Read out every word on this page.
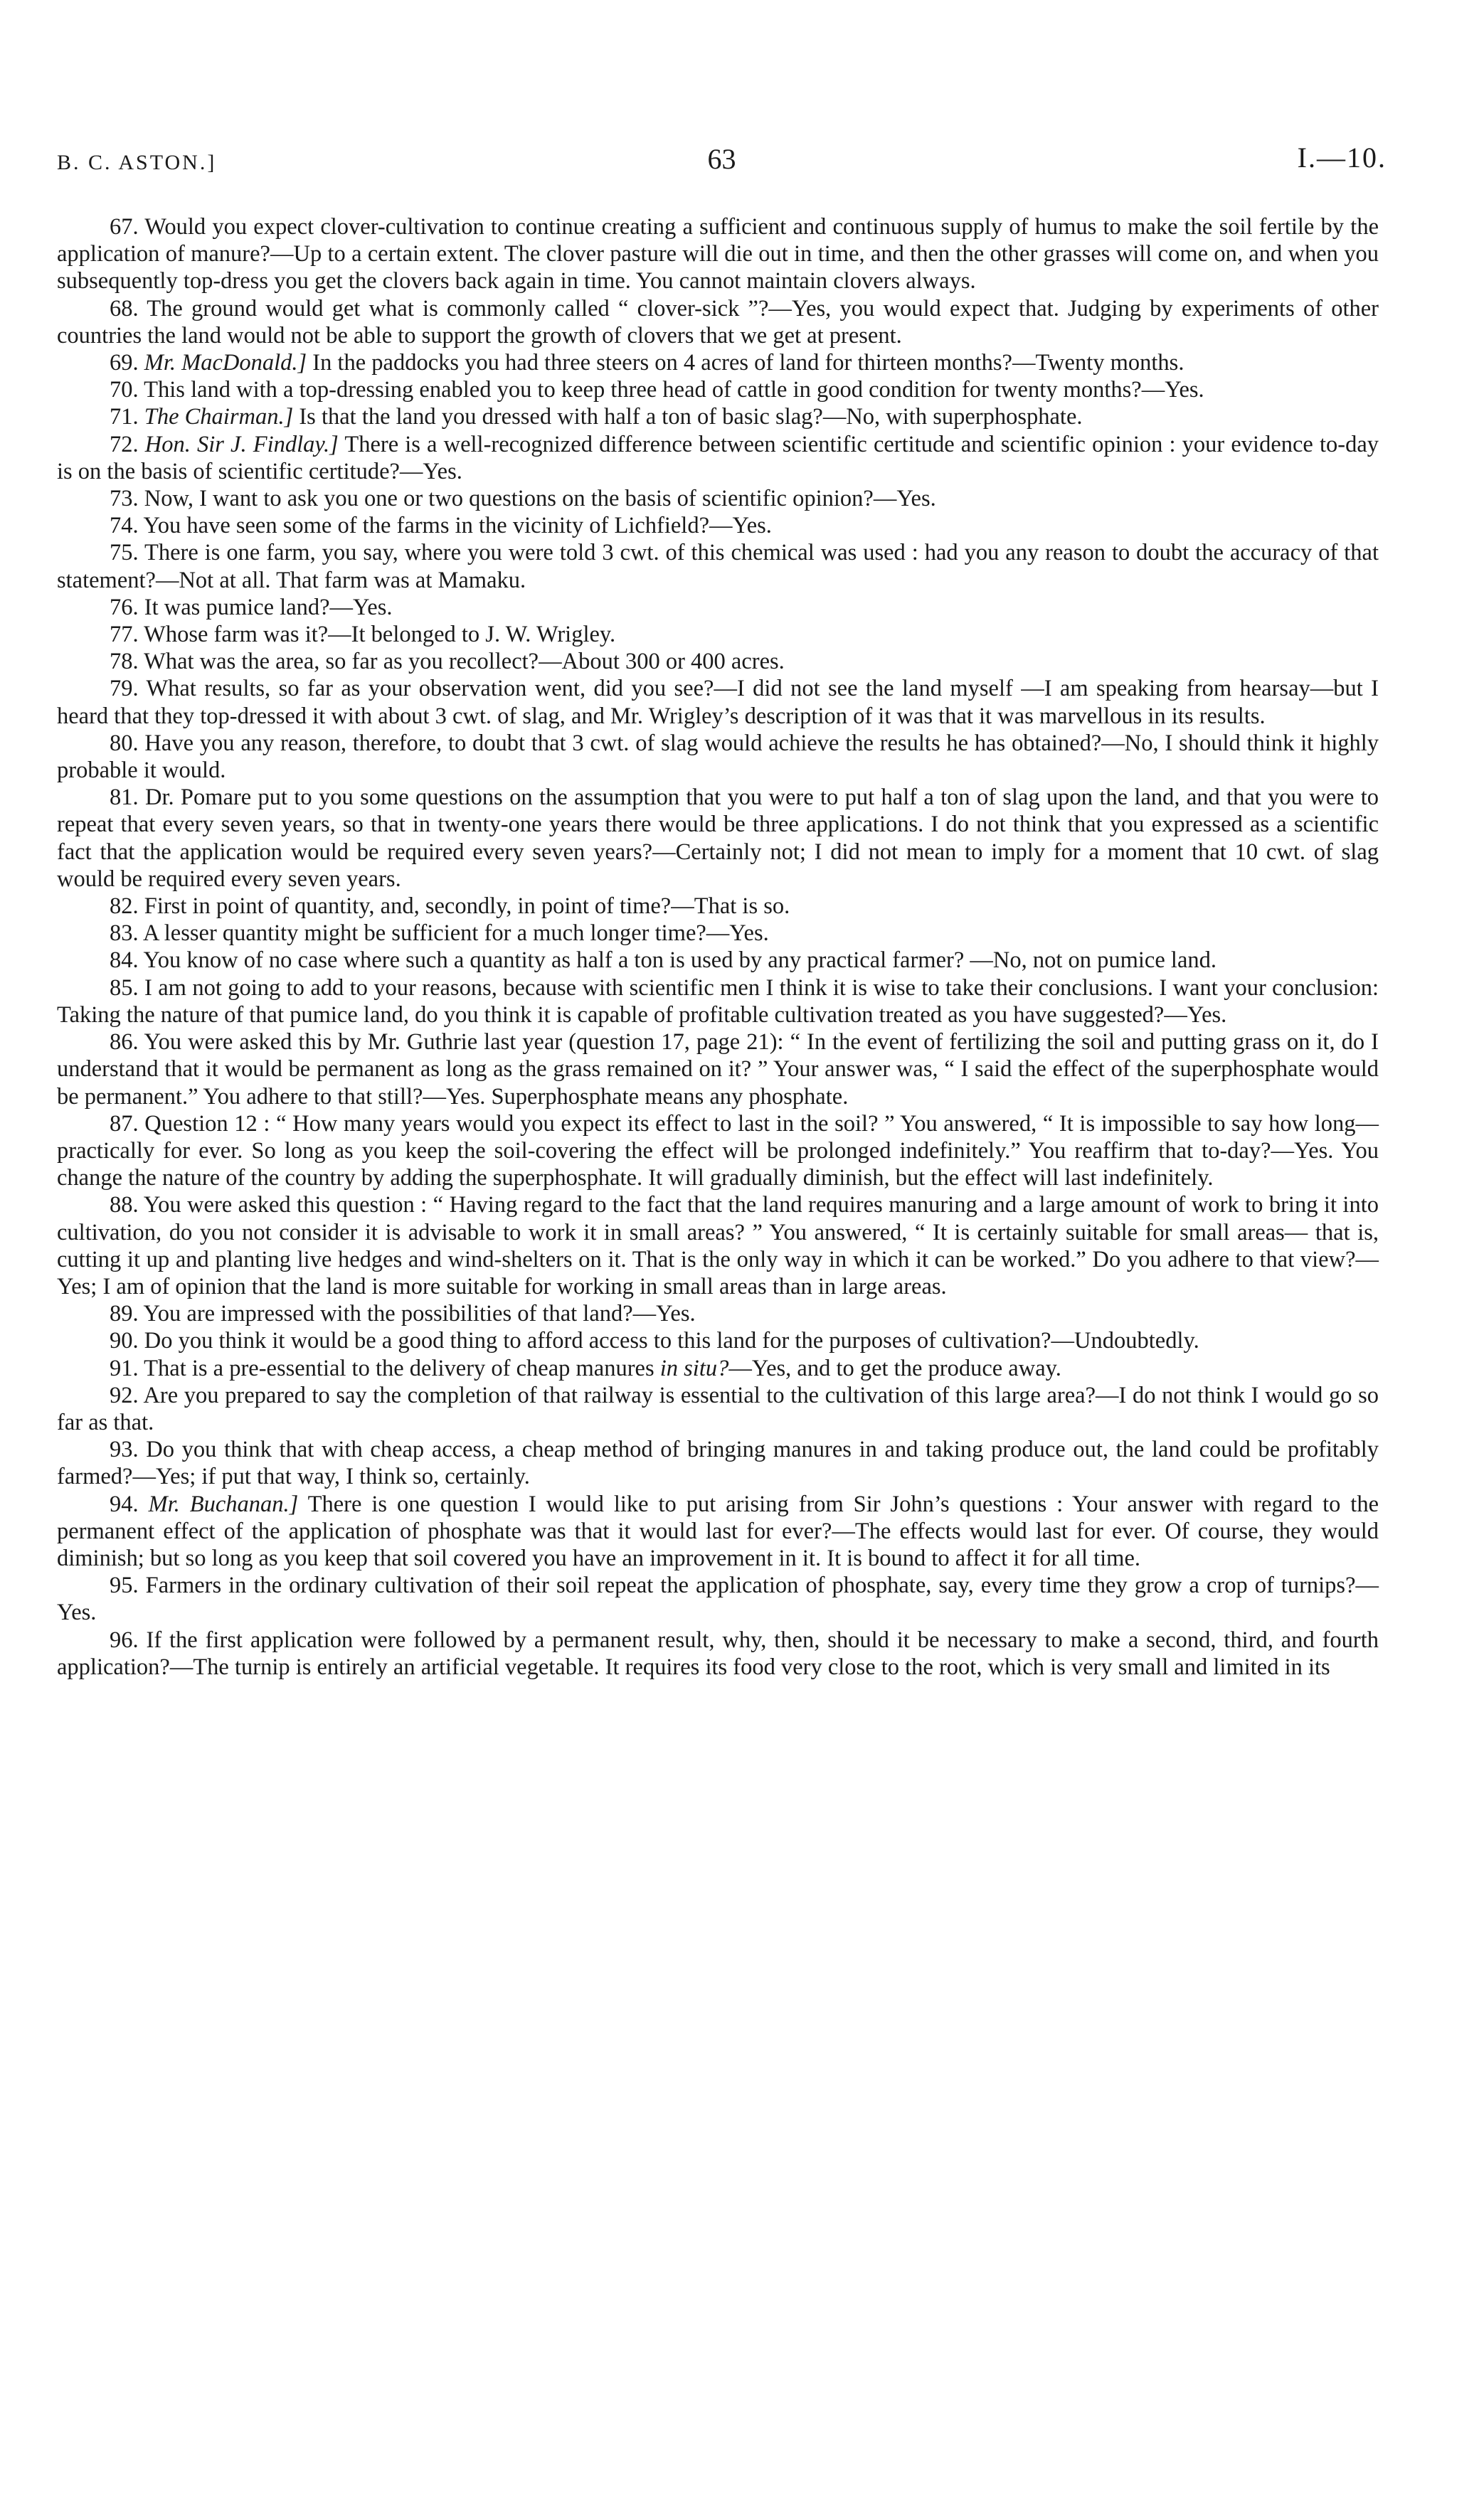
B. C. ASTON.]	63	I.—10.

67. Would you expect clover-cultivation to continue creating a sufficient and continuous supply of humus to make the soil fertile by the application of manure?—Up to a certain extent. The clover pasture will die out in time, and then the other grasses will come on, and when you subsequently top-dress you get the clovers back again in time. You cannot maintain clovers always.

68. The ground would get what is commonly called “ clover-sick ”?—Yes, you would expect that. Judging by experiments of other countries the land would not be able to support the growth of clovers that we get at present.

69. Mr. MacDonald.] In the paddocks you had three steers on 4 acres of land for thirteen months?—Twenty months.

70. This land with a top-dressing enabled you to keep three head of cattle in good condition for twenty months?—Yes.

71. The Chairman.] Is that the land you dressed with half a ton of basic slag?—No, with superphosphate.

72. Hon. Sir J. Findlay.] There is a well-recognized difference between scientific certitude and scientific opinion : your evidence to-day is on the basis of scientific certitude?—Yes.

73. Now, I want to ask you one or two questions on the basis of scientific opinion?—Yes.

74. You have seen some of the farms in the vicinity of Lichfield?—Yes.

75. There is one farm, you say, where you were told 3 cwt. of this chemical was used : had you any reason to doubt the accuracy of that statement?—Not at all. That farm was at Mamaku.

76. It was pumice land?—Yes.

77. Whose farm was it?—It belonged to J. W. Wrigley.

78. What was the area, so far as you recollect?—About 300 or 400 acres.

79. What results, so far as your observation went, did you see?—I did not see the land myself —I am speaking from hearsay—but I heard that they top-dressed it with about 3 cwt. of slag, and Mr. Wrigley’s description of it was that it was marvellous in its results.

80. Have you any reason, therefore, to doubt that 3 cwt. of slag would achieve the results he has obtained?—No, I should think it highly probable it would.

81. Dr. Pomare put to you some questions on the assumption that you were to put half a ton of slag upon the land, and that you were to repeat that every seven years, so that in twenty-one years there would be three applications. I do not think that you expressed as a scientific fact that the application would be required every seven years?—Certainly not; I did not mean to imply for a moment that 10 cwt. of slag would be required every seven years.

82. First in point of quantity, and, secondly, in point of time?—That is so.

83. A lesser quantity might be sufficient for a much longer time?—Yes.

84. You know of no case where such a quantity as half a ton is used by any practical farmer? —No, not on pumice land.

85. I am not going to add to your reasons, because with scientific men I think it is wise to take their conclusions. I want your conclusion: Taking the nature of that pumice land, do you think it is capable of profitable cultivation treated as you have suggested?—Yes.

86. You were asked this by Mr. Guthrie last year (question 17, page 21): “ In the event of fertilizing the soil and putting grass on it, do I understand that it would be permanent as long as the grass remained on it? ” Your answer was, “ I said the effect of the superphosphate would be permanent.” You adhere to that still?—Yes. Superphosphate means any phosphate.

87. Question 12 : “ How many years would you expect its effect to last in the soil? ” You answered, “ It is impossible to say how long—practically for ever. So long as you keep the soil-covering the effect will be prolonged indefinitely.” You reaffirm that to-day?—Yes. You change the nature of the country by adding the superphosphate. It will gradually diminish, but the effect will last indefinitely.

88. You were asked this question : “ Having regard to the fact that the land requires manuring and a large amount of work to bring it into cultivation, do you not consider it is advisable to work it in small areas? ” You answered, “ It is certainly suitable for small areas— that is, cutting it up and planting live hedges and wind-shelters on it. That is the only way in which it can be worked.” Do you adhere to that view?—Yes; I am of opinion that the land is more suitable for working in small areas than in large areas.

89. You are impressed with the possibilities of that land?—Yes.

90. Do you think it would be a good thing to afford access to this land for the purposes of cultivation?—Undoubtedly.

91. That is a pre-essential to the delivery of cheap manures in situ?—Yes, and to get the produce away.

92. Are you prepared to say the completion of that railway is essential to the cultivation of this large area?—I do not think I would go so far as that.

93. Do you think that with cheap access, a cheap method of bringing manures in and taking produce out, the land could be profitably farmed?—Yes; if put that way, I think so, certainly.

94. Mr. Buchanan.] There is one question I would like to put arising from Sir John’s questions : Your answer with regard to the permanent effect of the application of phosphate was that it would last for ever?—The effects would last for ever. Of course, they would diminish; but so long as you keep that soil covered you have an improvement in it. It is bound to affect it for all time.

95. Farmers in the ordinary cultivation of their soil repeat the application of phosphate, say, every time they grow a crop of turnips?—Yes.

96. If the first application were followed by a permanent result, why, then, should it be necessary to make a second, third, and fourth application?—The turnip is entirely an artificial vegetable. It requires its food very close to the root, which is very small and limited in its
